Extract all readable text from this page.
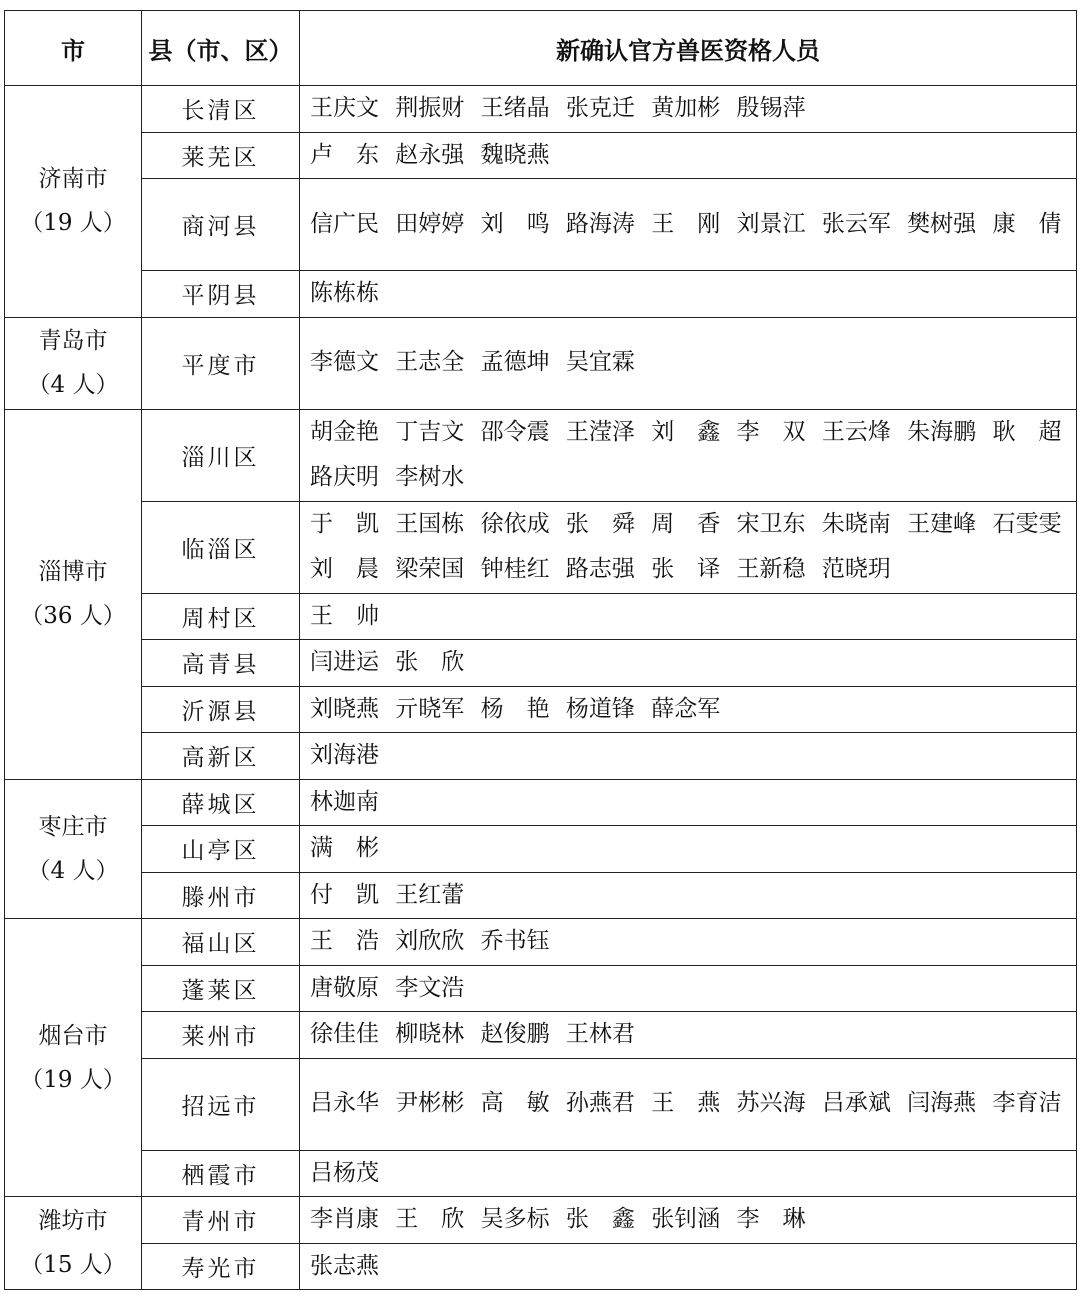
市	县（市、区）	新确认官方兽医资格人员
济南市
（19 人）	长清区	王庆文 荆振财 王绪晶 张克迁 黄加彬 殷锡萍
	莱芜区	卢　东 赵永强 魏晓燕
	商河县	信广民 田婷婷 刘　鸣 路海涛 王　刚 刘景江 张云军 樊树强 康　倩
	平阴县	陈栋栋
青岛市
（4 人）	平度市	李德文 王志全 孟德坤 吴宜霖
淄博市
（36 人）	淄川区	胡金艳 丁吉文 邵令震 王滢泽 刘　鑫 李　双 王云烽 朱海鹏 耿　超 路庆明 李树水
	临淄区	于　凯 王国栋 徐依成 张　舜 周　香 宋卫东 朱晓南 王建峰 石雯雯 刘　晨 梁荣国 钟桂红 路志强 张　译 王新稳 范晓玥
	周村区	王　帅
	高青县	闫进运 张　欣
	沂源县	刘晓燕 亓晓军 杨　艳 杨道锋 薛念军
	高新区	刘海港
枣庄市
（4 人）	薛城区	林迦南
	山亭区	满　彬
	滕州市	付　凯 王红蕾
烟台市
（19 人）	福山区	王　浩 刘欣欣 乔书钰
	蓬莱区	唐敬原 李文浩
	莱州市	徐佳佳 柳晓林 赵俊鹏 王林君
	招远市	吕永华 尹彬彬 高　敏 孙燕君 王　燕 苏兴海 吕承斌 闫海燕 李育洁
	栖霞市	吕杨茂
潍坊市
（15 人）	青州市	李肖康 王　欣 吴多标 张　鑫 张钊涵 李　琳
	寿光市	张志燕
